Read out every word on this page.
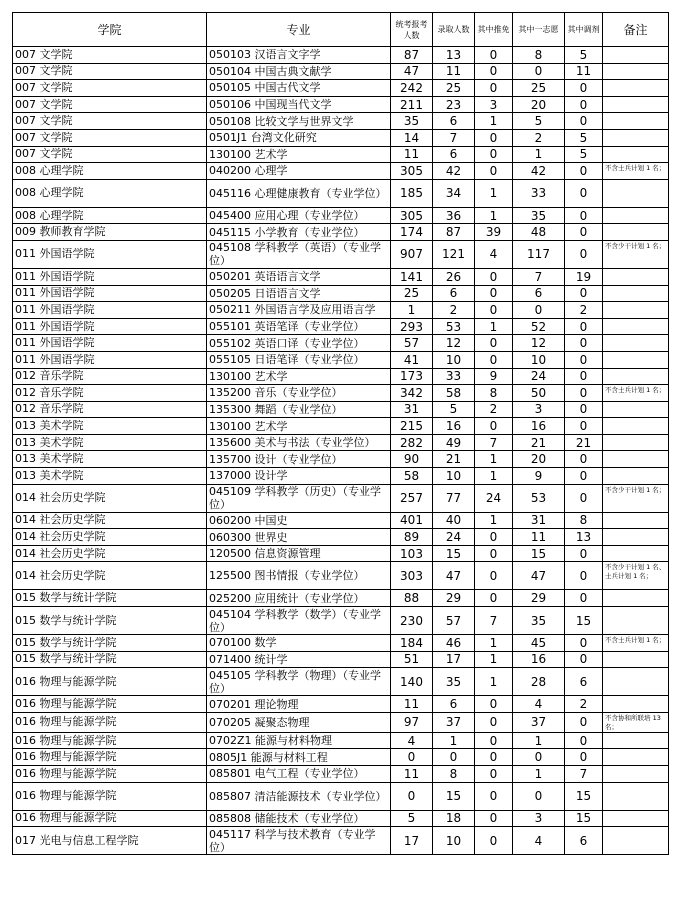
学院	专业	统考报考人数	录取人数	其中推免	其中一志愿	其中调剂	备注
007 文学院	050103 汉语言文字学	87	13	0	8	5	
007 文学院	050104 中国古典文献学	47	11	0	0	11	
007 文学院	050105 中国古代文学	242	25	0	25	0	
007 文学院	050106 中国现当代文学	211	23	3	20	0	
007 文学院	050108 比较文学与世界文学	35	6	1	5	0	
007 文学院	0501J1 台湾文化研究	14	7	0	2	5	
007 文学院	130100 艺术学	11	6	0	1	5	
008 心理学院	040200 心理学	305	42	0	42	0	不含士兵计划 1 名；
008 心理学院	045116 心理健康教育（专业学位）	185	34	1	33	0	
008 心理学院	045400 应用心理（专业学位）	305	36	1	35	0	
009 教师教育学院	045115 小学教育（专业学位）	174	87	39	48	0	
011 外国语学院	045108 学科教学（英语）（专业学位）	907	121	4	117	0	不含少干计划 1 名；
011 外国语学院	050201 英语语言文学	141	26	0	7	19	
011 外国语学院	050205 日语语言文学	25	6	0	6	0	
011 外国语学院	050211 外国语言学及应用语言学	1	2	0	0	2	
011 外国语学院	055101 英语笔译（专业学位）	293	53	1	52	0	
011 外国语学院	055102 英语口译（专业学位）	57	12	0	12	0	
011 外国语学院	055105 日语笔译（专业学位）	41	10	0	10	0	
012 音乐学院	130100 艺术学	173	33	9	24	0	
012 音乐学院	135200 音乐（专业学位）	342	58	8	50	0	不含士兵计划 1 名；
012 音乐学院	135300 舞蹈（专业学位）	31	5	2	3	0	
013 美术学院	130100 艺术学	215	16	0	16	0	
013 美术学院	135600 美术与书法（专业学位）	282	49	7	21	21	
013 美术学院	135700 设计（专业学位）	90	21	1	20	0	
013 美术学院	137000 设计学	58	10	1	9	0	
014 社会历史学院	045109 学科教学（历史）（专业学位）	257	77	24	53	0	不含少干计划 1 名；
014 社会历史学院	060200 中国史	401	40	1	31	8	
014 社会历史学院	060300 世界史	89	24	0	11	13	
014 社会历史学院	120500 信息资源管理	103	15	0	15	0	
014 社会历史学院	125500 图书情报（专业学位）	303	47	0	47	0	不含少干计划 1 名、士兵计划 1 名；
015 数学与统计学院	025200 应用统计（专业学位）	88	29	0	29	0	
015 数学与统计学院	045104 学科教学（数学）（专业学位）	230	57	7	35	15	
015 数学与统计学院	070100 数学	184	46	1	45	0	不含士兵计划 1 名；
015 数学与统计学院	071400 统计学	51	17	1	16	0	
016 物理与能源学院	045105 学科教学（物理）（专业学位）	140	35	1	28	6	
016 物理与能源学院	070201 理论物理	11	6	0	4	2	
016 物理与能源学院	070205 凝聚态物理	97	37	0	37	0	不含协和所联培 13 名；
016 物理与能源学院	0702Z1 能源与材料物理	4	1	0	1	0	
016 物理与能源学院	0805J1 能源与材料工程	0	0	0	0	0	
016 物理与能源学院	085801 电气工程（专业学位）	11	8	0	1	7	
016 物理与能源学院	085807 清洁能源技术（专业学位）	0	15	0	0	15	
016 物理与能源学院	085808 储能技术（专业学位）	5	18	0	3	15	
017 光电与信息工程学院	045117 科学与技术教育（专业学位）	17	10	0	4	6	
